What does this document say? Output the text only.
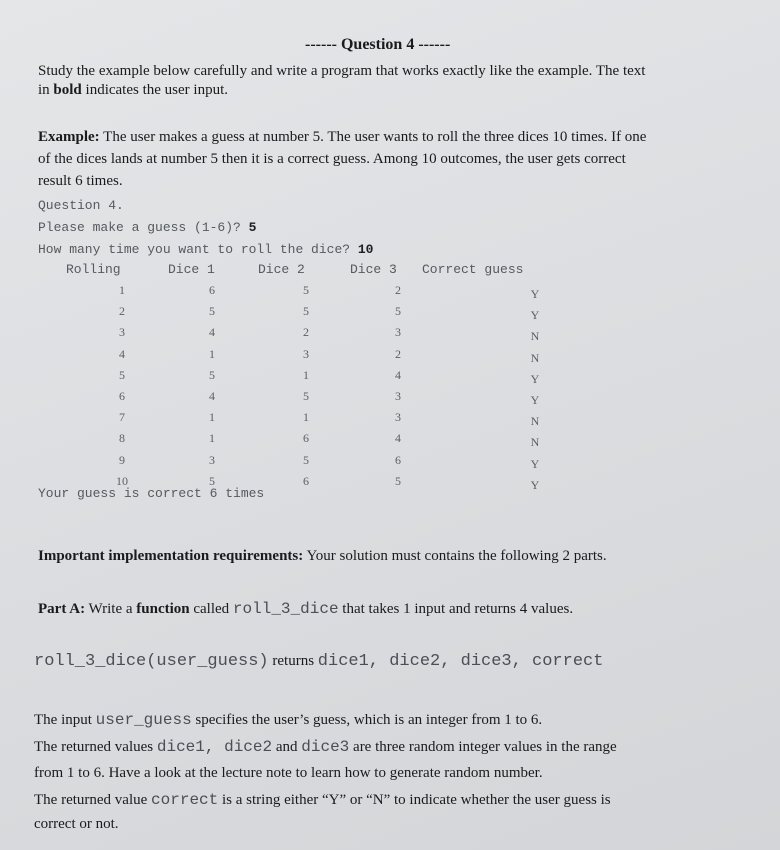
------ Question 4 ------
Study the example below carefully and write a program that works exactly like the example. The text
in bold indicates the user input.
Example: The user makes a guess at number 5. The user wants to roll the three dices 10 times. If one
of the dices lands at number 5 then it is a correct guess. Among 10 outcomes, the user gets correct
result 6 times.
Question 4.
Please make a guess (1-6)? 5
How many time you want to roll the dice? 10
Rolling	Dice 1	Dice 2	Dice 3 Correct guess
1	6	5	2	Y
2	5	5	5	Y
3	4	2	3	N
4	1	3	2	N
5	5	1	4	Y
6	4	5	3	Y
7	1	1	3	N
8	1	6	4	N
9	3	5	6	Y
10	5	6	5	Y
Your guess is correct 6 times
Important implementation requirements: Your solution must contains the following 2 parts.
Part A: Write a function called roll_3_dice that takes 1 input and returns 4 values.
roll_3_dice(user_guess) returns dice1, dice2, dice3, correct
The input user_guess specifies the user’s guess, which is an integer from 1 to 6.
The returned values dice1, dice2 and dice3 are three random integer values in the range
from 1 to 6. Have a look at the lecture note to learn how to generate random number.
The returned value correct is a string either “Y” or “N” to indicate whether the user guess is
correct or not.
